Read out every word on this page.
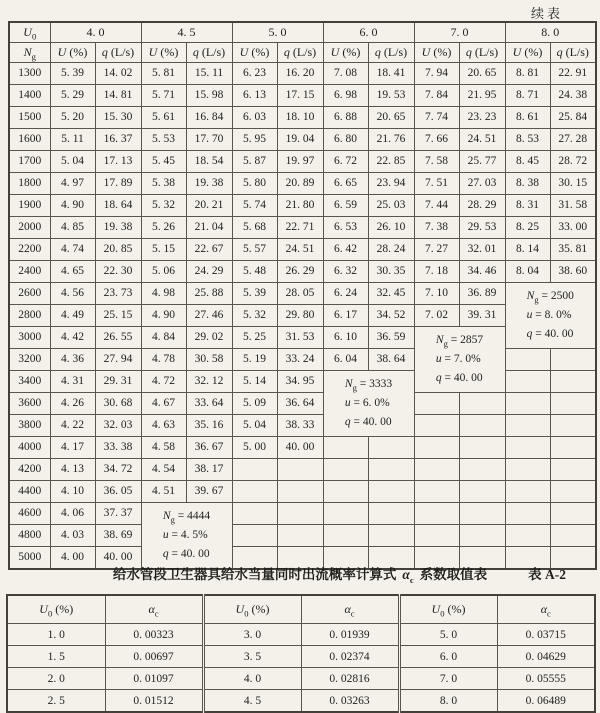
续表
$U_0$	4. 0		4. 5		5. 0		6. 0		7. 0		8. 0	
$N_g$	U (%)	q (L/s)	U (%)	q (L/s)	U (%)	q (L/s)	U (%)	q (L/s)	U (%)	q (L/s)	U (%)	q (L/s)
1300	5. 39	14. 02	5. 81	15. 11	6. 23	16. 20	7. 08	18. 41	7. 94	20. 65	8. 81	22. 91
1400	5. 29	14. 81	5. 71	15. 98	6. 13	17. 15	6. 98	19. 53	7. 84	21. 95	8. 71	24. 38
1500	5. 20	15. 30	5. 61	16. 84	6. 03	18. 10	6. 88	20. 65	7. 74	23. 23	8. 61	25. 84
1600	5. 11	16. 37	5. 53	17. 70	5. 95	19. 04	6. 80	21. 76	7. 66	24. 51	8. 53	27. 28
1700	5. 04	17. 13	5. 45	18. 54	5. 87	19. 97	6. 72	22. 85	7. 58	25. 77	8. 45	28. 72
1800	4. 97	17. 89	5. 38	19. 38	5. 80	20. 89	6. 65	23. 94	7. 51	27. 03	8. 38	30. 15
1900	4. 90	18. 64	5. 32	20. 21	5. 74	21. 80	6. 59	25. 03	7. 44	28. 29	8. 31	31. 58
2000	4. 85	19. 38	5. 26	21. 04	5. 68	22. 71	6. 53	26. 10	7. 38	29. 53	8. 25	33. 00
2200	4. 74	20. 85	5. 15	22. 67	5. 57	24. 51	6. 42	28. 24	7. 27	32. 01	8. 14	35. 81
2400	4. 65	22. 30	5. 06	24. 29	5. 48	26. 29	6. 32	30. 35	7. 18	34. 46	8. 04	38. 60
2600	4. 56	23. 73	4. 98	25. 88	5. 39	28. 05	6. 24	32. 45	7. 10	36. 89	$N_g = 2500$
u = 8. 0%
q = 40. 00	

2800	4. 49	25. 15	4. 90	27. 46	5. 32	29. 80	6. 17	34. 52	7. 02	39. 31		
3000	4. 42	26. 55	4. 84	29. 02	5. 25	31. 53	6. 10	36. 59	$N_g = 2857$
u = 7. 0%
q = 40. 00			

3200	4. 36	27. 94	4. 78	30. 58	5. 19	33. 24	6. 04	38. 64				
3400	4. 31	29. 31	4. 72	32. 12	5. 14	34. 95	$N_g = 3333$
u = 6. 0%
q = 40. 00					

3600	4. 26	30. 68	4. 67	33. 64	5. 09	36. 64						
3800	4. 22	32. 03	4. 63	35. 16	5. 04	38. 33						
4000	4. 17	33. 38	4. 58	36. 67	5. 00	40. 00						
4200	4. 13	34. 72	4. 54	38. 17								
4400	4. 10	36. 05	4. 51	39. 67								
4600	4. 06	37. 37	$N_g = 4444$
u = 4. 5%
q = 40. 00									

4800	4. 03	38. 69										
5000	4. 00	40. 00										
给水管段卫生器具给水当量同时出流概率计算式 $\alpha_c$ 系数取值表	表 A-2
$U_0$ (%)	$\alpha_c$	$U_0$ (%)	$\alpha_c$	$U_0$ (%)	$\alpha_c$
1. 0	0. 00323	3. 0	0. 01939	5. 0	0. 03715
1. 5	0. 00697	3. 5	0. 02374	6. 0	0. 04629
2. 0	0. 01097	4. 0	0. 02816	7. 0	0. 05555
2. 5	0. 01512	4. 5	0. 03263	8. 0	0. 06489
